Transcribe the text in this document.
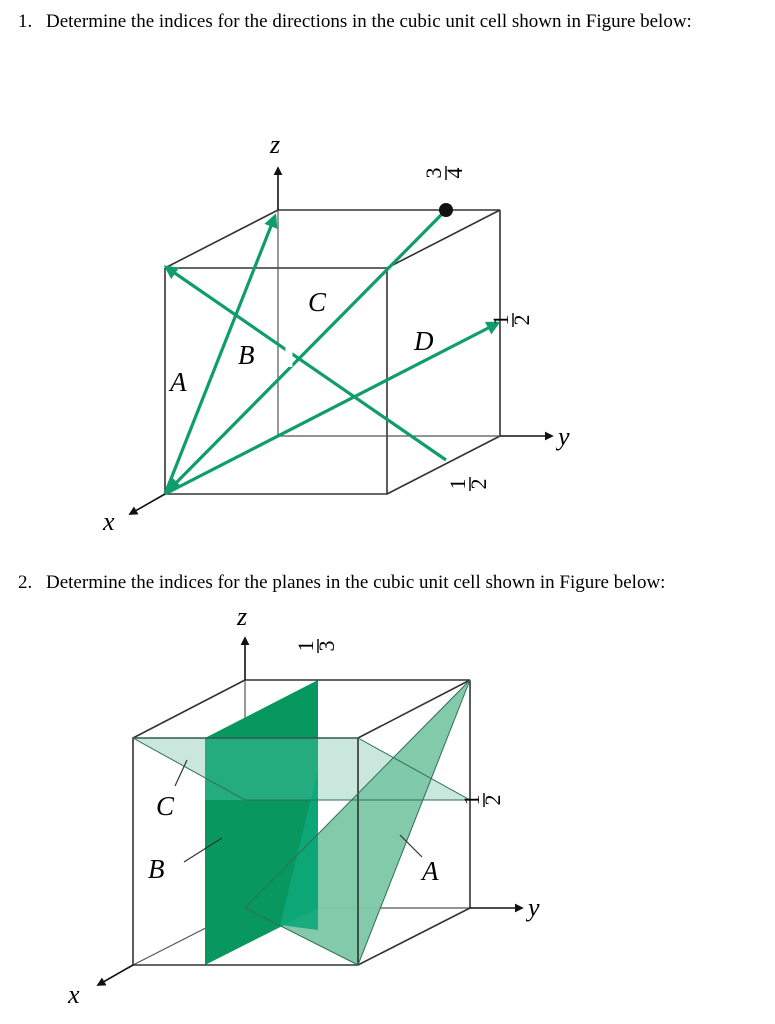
1. Determine the indices for the directions in the cubic unit cell shown in Figure below:
2. Determine the indices for the planes in the cubic unit cell shown in Figure below:
z
y
x
A
B
C
D
3
4
1
2
1
2
z
y
x
C
B	A
1
3
1
2
